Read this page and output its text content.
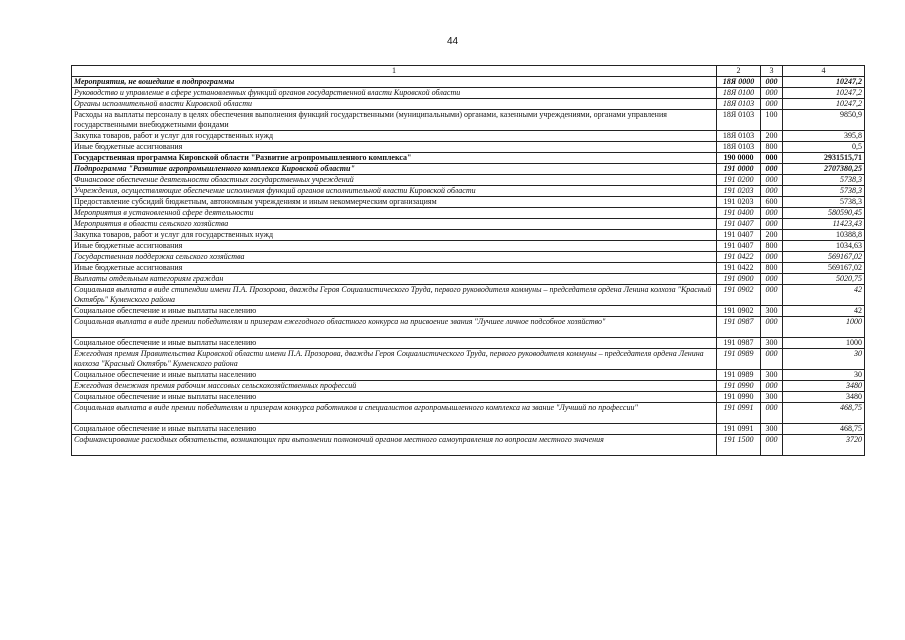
44
1	2	3	4
Мероприятия, не вошедшие в подпрограммы	18Я 0000	000	10247,2
Руководство и управление в сфере установленных функций органов государственной власти Кировской области	18Я 0100	000	10247,2
Органы исполнительной власти Кировской области	18Я 0103	000	10247,2
Расходы на выплаты персоналу в целях обеспечения выполнения функций государственными (муниципальными) органами, казенными учреждениями, органами управления государственными внебюджетными фондами	18Я 0103	100	9850,9
Закупка товаров, работ и услуг для государственных нужд	18Я 0103	200	395,8
Иные бюджетные ассигнования	18Я 0103	800	0,5
Государственная программа Кировской области "Развитие агропромышленного комплекса"	190 0000	000	2931515,71
Подпрограмма "Развитие агропромышленного комплекса Кировской области"	191 0000	000	2707380,25
Финансовое обеспечение деятельности областных государственных учреждений	191 0200	000	5738,3
Учреждения, осуществляющие обеспечение исполнения функций органов исполнительной власти Кировской области	191 0203	000	5738,3
Предоставление субсидий бюджетным, автономным учреждениям и иным некоммерческим организациям	191 0203	600	5738,3
Мероприятия в установленной сфере деятельности	191 0400	000	580590,45
Мероприятия в области сельского хозяйства	191 0407	000	11423,43
Закупка товаров, работ и услуг для государственных нужд	191 0407	200	10388,8
Иные бюджетные ассигнования	191 0407	800	1034,63
Государственная поддержка сельского хозяйства	191 0422	000	569167,02
Иные бюджетные ассигнования	191 0422	800	569167,02
Выплаты отдельным категориям граждан	191 0900	000	5020,75
Социальная выплата в виде стипендии имени П.А. Прозорова, дважды Героя Социалистического Труда, первого руководителя коммуны – председателя ордена Ленина колхоза "Красный Октябрь" Куменского района	191 0902	000	42
Социальное обеспечение и иные выплаты населению	191 0902	300	42
Социальная выплата в виде премии победителям и призерам ежегодного областного конкурса на присвоение звания "Лучшее личное подсобное хозяйство"	191 0987	000	1000
Социальное обеспечение и иные выплаты населению	191 0987	300	1000
Ежегодная премия Правительства Кировской области имени П.А. Прозорова, дважды Героя Социалистического Труда, первого руководителя коммуны – председателя ордена Ленина колхоза "Красный Октябрь" Куменского района	191 0989	000	30
Социальное обеспечение и иные выплаты населению	191 0989	300	30
Ежегодная денежная премия рабочим массовых сельскохозяйственных профессий	191 0990	000	3480
Социальное обеспечение и иные выплаты населению	191 0990	300	3480
Социальная выплата в виде премии победителям и призерам конкурса работников и специалистов агропромышленного комплекса на звание "Лучший по профессии"	191 0991	000	468,75
Социальное обеспечение и иные выплаты населению	191 0991	300	468,75
Софинансирование расходных обязательств, возникающих при выполнении полномочий органов местного самоуправления по вопросам местного значения	191 1500	000	3720
